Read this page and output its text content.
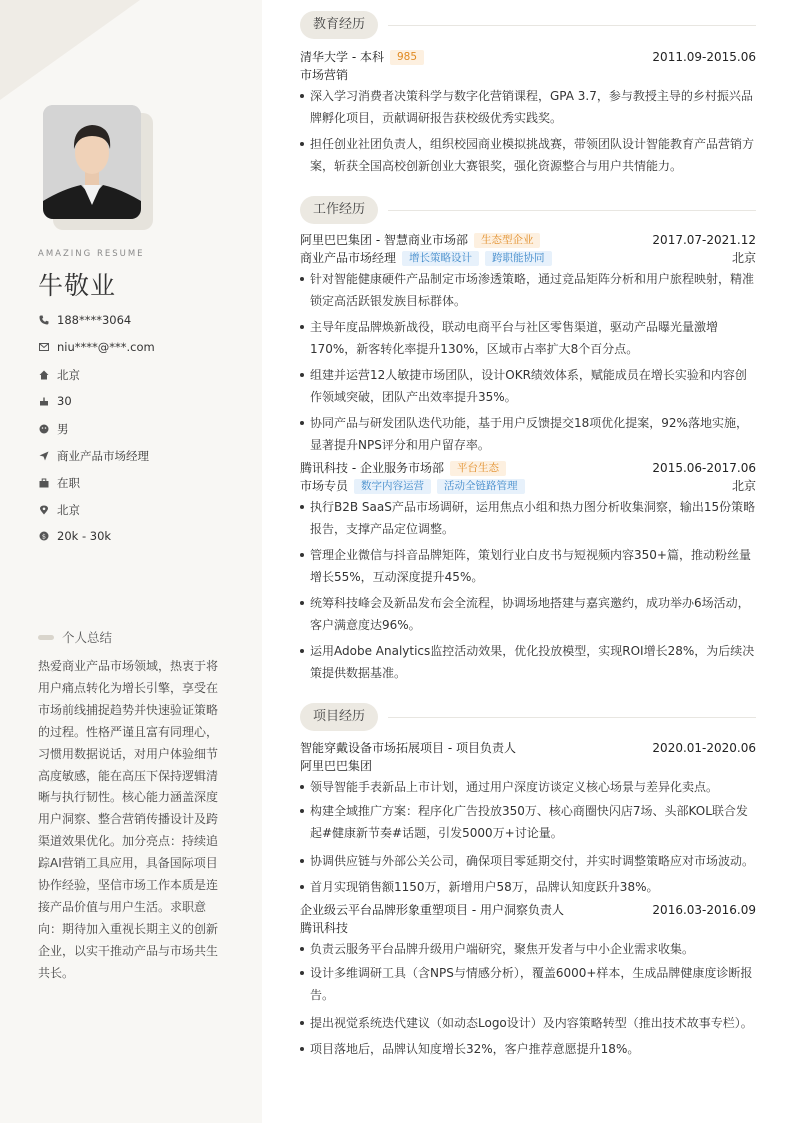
AMAZING RESUME
牛敬业
188****3064
niu****@***.com
北京
30
男
商业产品市场经理
在职
北京
$ 20k - 30k
个人总结
热爱商业产品市场领域，热衷于将用户痛点转化为增长引擎，享受在市场前线捕捉趋势并快速验证策略的过程。性格严谨且富有同理心，习惯用数据说话，对用户体验细节高度敏感，能在高压下保持逻辑清晰与执行韧性。核心能力涵盖深度用户洞察、整合营销传播设计及跨渠道效果优化。加分亮点：持续追踪AI营销工具应用，具备国际项目协作经验，坚信市场工作本质是连接产品价值与用户生活。求职意向：期待加入重视长期主义的创新企业，以实干推动产品与市场共生共长。
教育经历
清华大学 - 本科	985	2011.09-2015.06
市场营销
深入学习消费者决策科学与数字化营销课程，GPA 3.7，参与教授主导的乡村振兴品牌孵化项目，贡献调研报告获校级优秀实践奖。
担任创业社团负责人，组织校园商业模拟挑战赛，带领团队设计智能教育产品营销方案，斩获全国高校创新创业大赛银奖，强化资源整合与用户共情能力。
工作经历
阿里巴巴集团 - 智慧商业市场部	生态型企业	2017.07-2021.12
商业产品市场经理	增长策略设计	跨职能协同	北京
针对智能健康硬件产品制定市场渗透策略，通过竞品矩阵分析和用户旅程映射，精准锁定高活跃银发族目标群体。
主导年度品牌焕新战役，联动电商平台与社区零售渠道，驱动产品曝光量激增170%，新客转化率提升130%，区域市占率扩大8个百分点。
组建并运营12人敏捷市场团队，设计OKR绩效体系，赋能成员在增长实验和内容创作领域突破，团队产出效率提升35%。
协同产品与研发团队迭代功能，基于用户反馈提交18项优化提案，92%落地实施，显著提升NPS评分和用户留存率。
腾讯科技 - 企业服务市场部	平台生态	2015.06-2017.06
市场专员	数字内容运营	活动全链路管理	北京
执行B2B SaaS产品市场调研，运用焦点小组和热力图分析收集洞察，输出15份策略报告，支撑产品定位调整。
管理企业微信与抖音品牌矩阵，策划行业白皮书与短视频内容350+篇，推动粉丝量增长55%，互动深度提升45%。
统筹科技峰会及新品发布会全流程，协调场地搭建与嘉宾邀约，成功举办6场活动，客户满意度达96%。
运用Adobe Analytics监控活动效果，优化投放模型，实现ROI增长28%，为后续决策提供数据基准。
项目经历
智能穿戴设备市场拓展项目 - 项目负责人	2020.01-2020.06
阿里巴巴集团
领导智能手表新品上市计划，通过用户深度访谈定义核心场景与差异化卖点。
构建全域推广方案：程序化广告投放350万、核心商圈快闪店7场、头部KOL联合发起#健康新节奏#话题，引发5000万+讨论量。
协调供应链与外部公关公司，确保项目零延期交付，并实时调整策略应对市场波动。
首月实现销售额1150万，新增用户58万，品牌认知度跃升38%。
企业级云平台品牌形象重塑项目 - 用户洞察负责人	2016.03-2016.09
腾讯科技
负责云服务平台品牌升级用户端研究，聚焦开发者与中小企业需求收集。
设计多维调研工具（含NPS与情感分析），覆盖6000+样本，生成品牌健康度诊断报告。
提出视觉系统迭代建议（如动态Logo设计）及内容策略转型（推出技术故事专栏）。
项目落地后，品牌认知度增长32%，客户推荐意愿提升18%。
